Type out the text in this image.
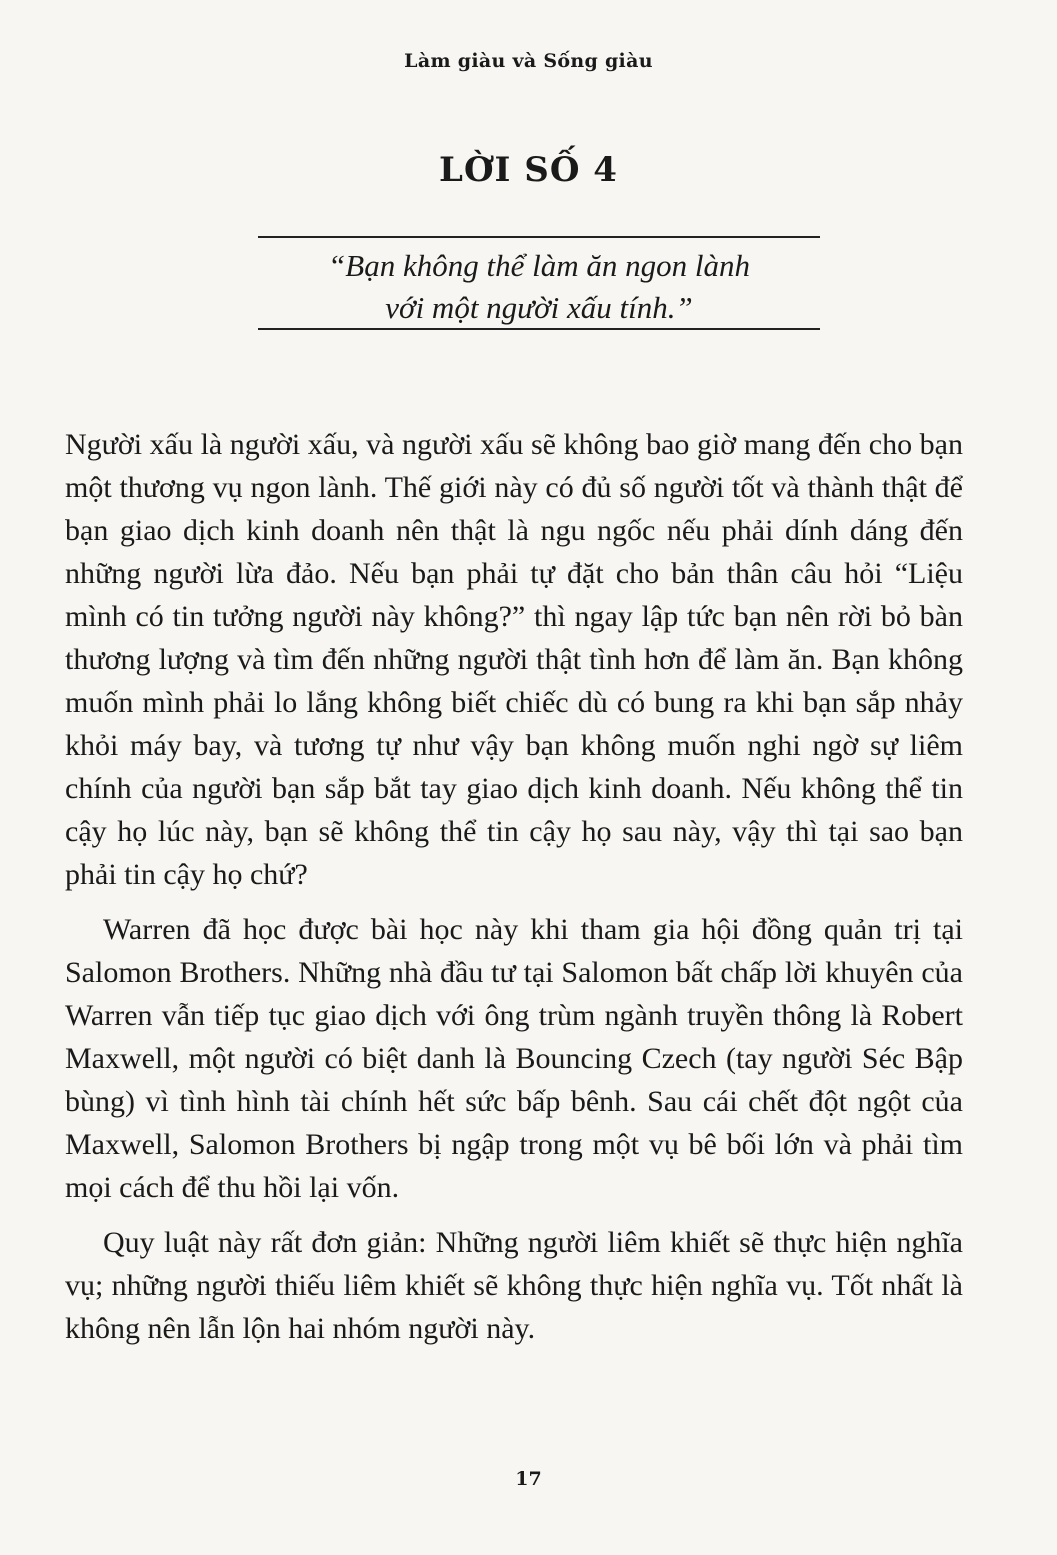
Làm giàu và Sống giàu
LỜI SỐ 4
“Bạn không thể làm ăn ngon lành
với một người xấu tính.”

Người xấu là người xấu, và người xấu sẽ không bao giờ mang đến cho bạn một thương vụ ngon lành. Thế giới này có đủ số người tốt và thành thật để bạn giao dịch kinh doanh nên thật là ngu ngốc nếu phải dính dáng đến những người lừa đảo. Nếu bạn phải tự đặt cho bản thân câu hỏi “Liệu mình có tin tưởng người này không?” thì ngay lập tức bạn nên rời bỏ bàn thương lượng và tìm đến những người thật tình hơn để làm ăn. Bạn không muốn mình phải lo lắng không biết chiếc dù có bung ra khi bạn sắp nhảy khỏi máy bay, và tương tự như vậy bạn không muốn nghi ngờ sự liêm chính của người bạn sắp bắt tay giao dịch kinh doanh. Nếu không thể tin cậy họ lúc này, bạn sẽ không thể tin cậy họ sau này, vậy thì tại sao bạn phải tin cậy họ chứ?

Warren đã học được bài học này khi tham gia hội đồng quản trị tại Salomon Brothers. Những nhà đầu tư tại Salomon bất chấp lời khuyên của Warren vẫn tiếp tục giao dịch với ông trùm ngành truyền thông là Robert Maxwell, một người có biệt danh là Bouncing Czech (tay người Séc Bập bùng) vì tình hình tài chính hết sức bấp bênh. Sau cái chết đột ngột của Maxwell, Salomon Brothers bị ngập trong một vụ bê bối lớn và phải tìm mọi cách để thu hồi lại vốn.

Quy luật này rất đơn giản: Những người liêm khiết sẽ thực hiện nghĩa vụ; những người thiếu liêm khiết sẽ không thực hiện nghĩa vụ. Tốt nhất là không nên lẫn lộn hai nhóm người này.

17
